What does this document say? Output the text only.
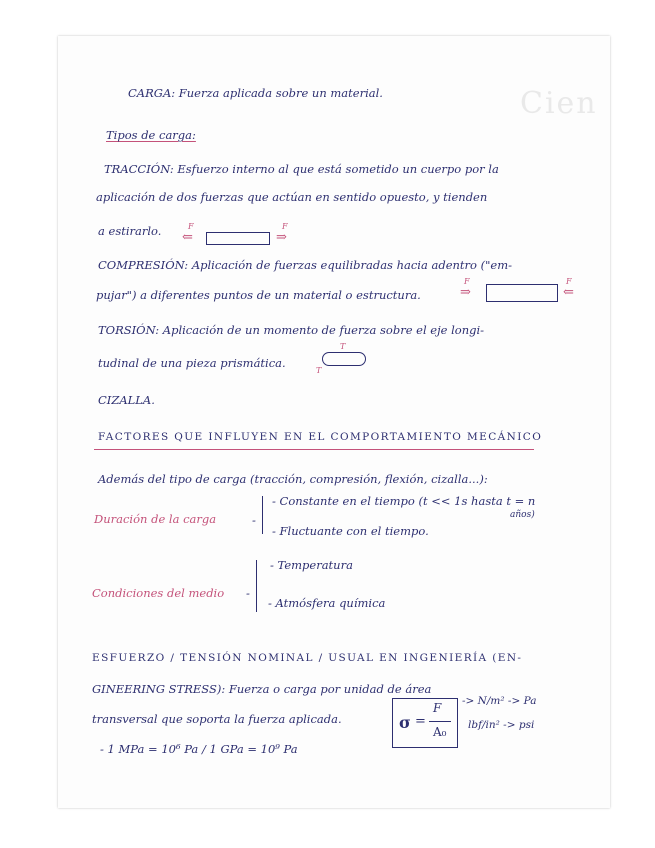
Cien
CARGA: Fuerza aplicada sobre un material.
Tipos de carga:
TRACCIÓN: Esfuerzo interno al que está sometido un cuerpo por la
aplicación de dos fuerzas que actúan en sentido opuesto, y tienden
a estirarlo. ⇐
F
⇒
F
COMPRESIÓN: Aplicación de fuerzas equilibradas hacia adentro ("em-
pujar") a diferentes puntos de un material o estructura.	⇒
F
⇐
F
TORSIÓN: Aplicación de un momento de fuerza sobre el eje longi-
tudinal de una pieza prismática.
T
T
CIZALLA.
FACTORES QUE INFLUYEN EN EL COMPORTAMIENTO MECÁNICO
Además del tipo de carga (tracción, compresión, flexión, cizalla...):
Duración de la carga	-
- Constante en el tiempo (t << 1s hasta t = n
años)
- Fluctuante con el tiempo.
Condiciones del medio -
- Temperatura
- Atmósfera química
ESFUERZO / TENSIÓN NOMINAL / USUAL EN INGENIERÍA (EN-
GINEERING STRESS): Fuerza o carga por unidad de área
transversal que soporta la fuerza aplicada.
- 1 MPa = 10⁶ Pa / 1 GPa = 10⁹ Pa
σ =
F
A₀
-> N/m² -> Pa
lbf/in² -> psi
